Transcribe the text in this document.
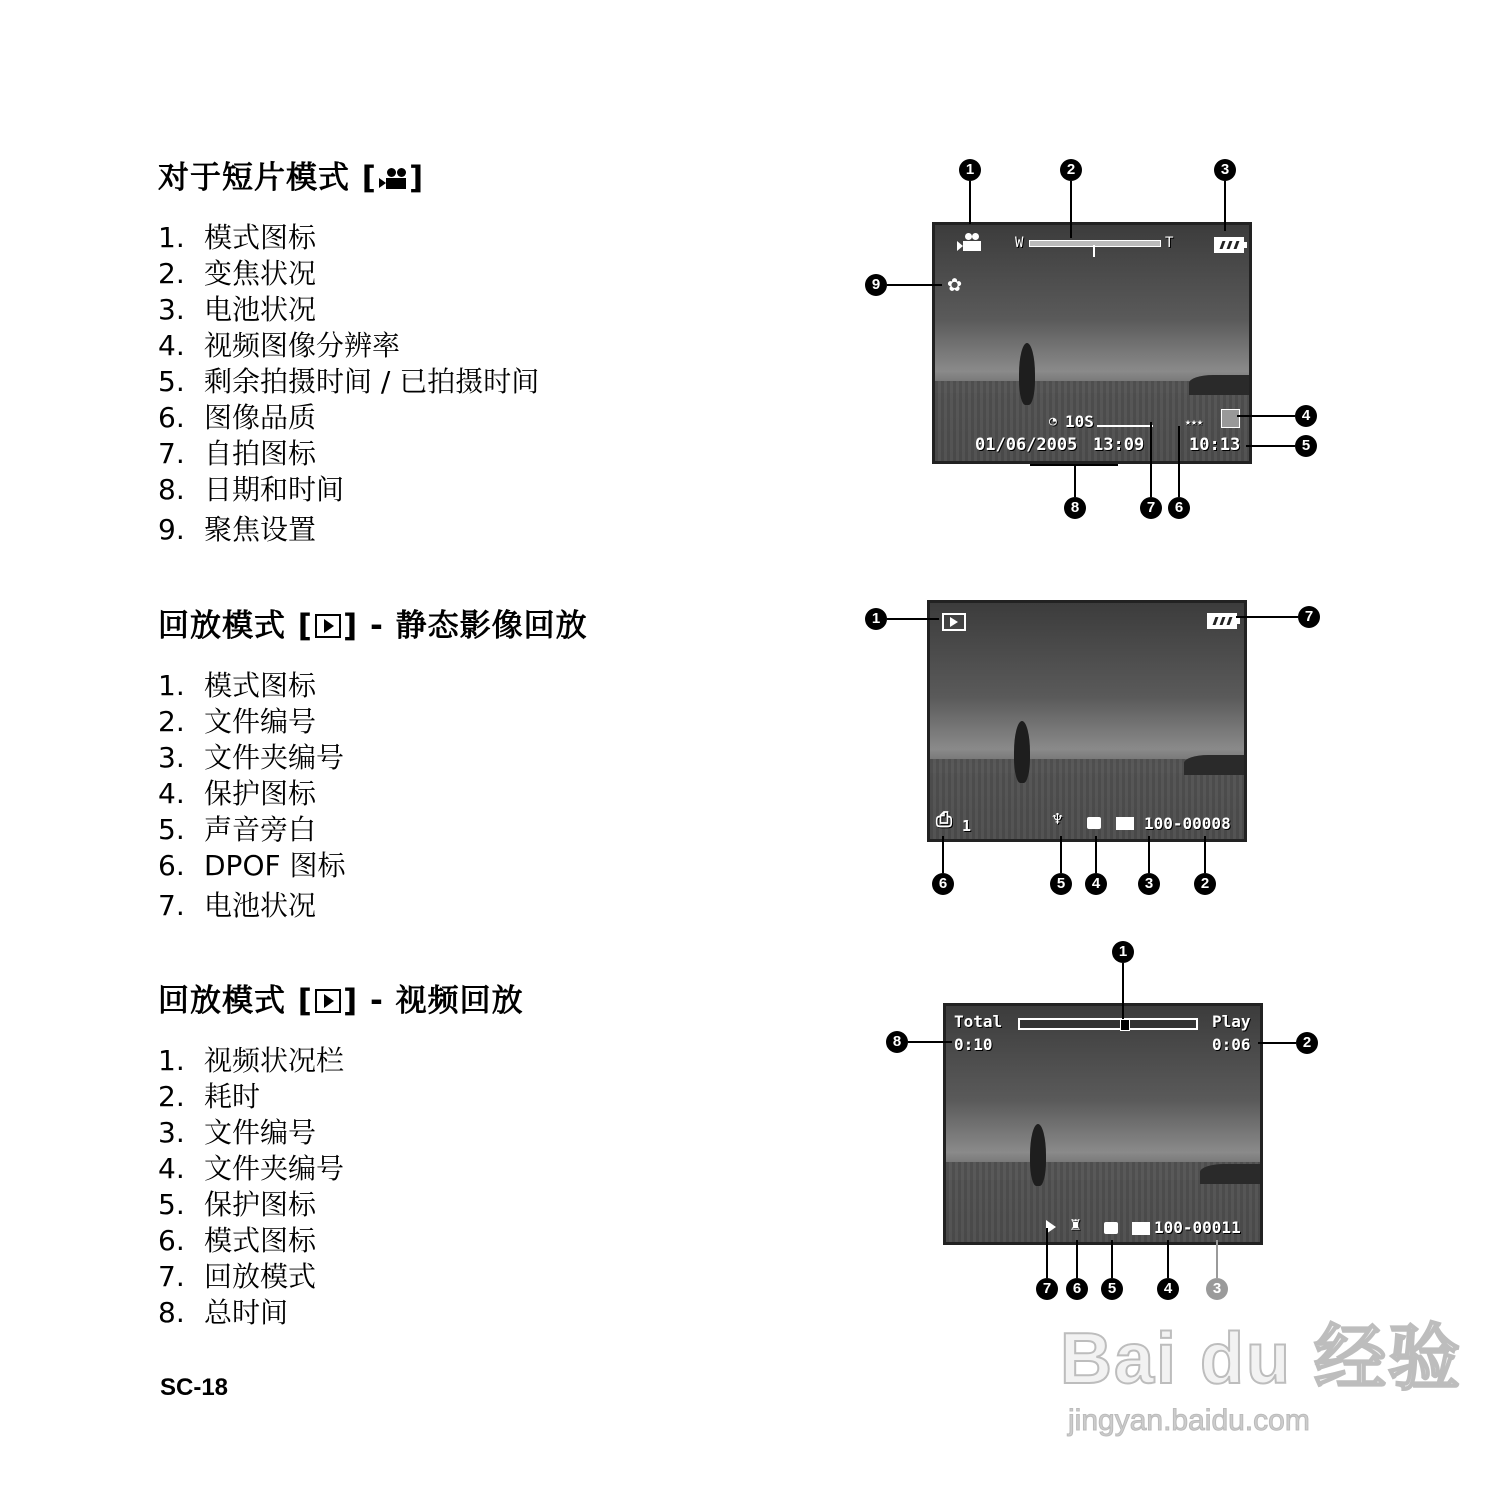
对于短片模式 [ ]
1. 模式图标
2. 变焦状况
3. 电池状况
4. 视频图像分辨率
5. 剩余拍摄时间 / 已拍摄时间
6. 图像品质
7. 自拍图标
8. 日期和时间
9. 聚焦设置
回放模式 [ ] - 静态影像回放
1. 模式图标
2. 文件编号
3. 文件夹编号
4. 保护图标
5. 声音旁白
6. DPOF 图标
7. 电池状况
回放模式 [ ] - 视频回放
1. 视频状况栏
2. 耗时
3. 文件编号
4. 文件夹编号
5. 保护图标
6. 模式图标
7. 回放模式
8. 总时间
SC-18
W	T
✿
◔ 10S	★★★
01/06/2005 13:09	10:13
1	2	3
9
4
5
8	7	6
⎙ 1	♆	100-00008
1	7
6	5	4	3	2
Total
0:10
Play
0:06
♜	100-00011
1
8	2
7	6	5	4	3
Bai du 经验
jingyan.baidu.com
